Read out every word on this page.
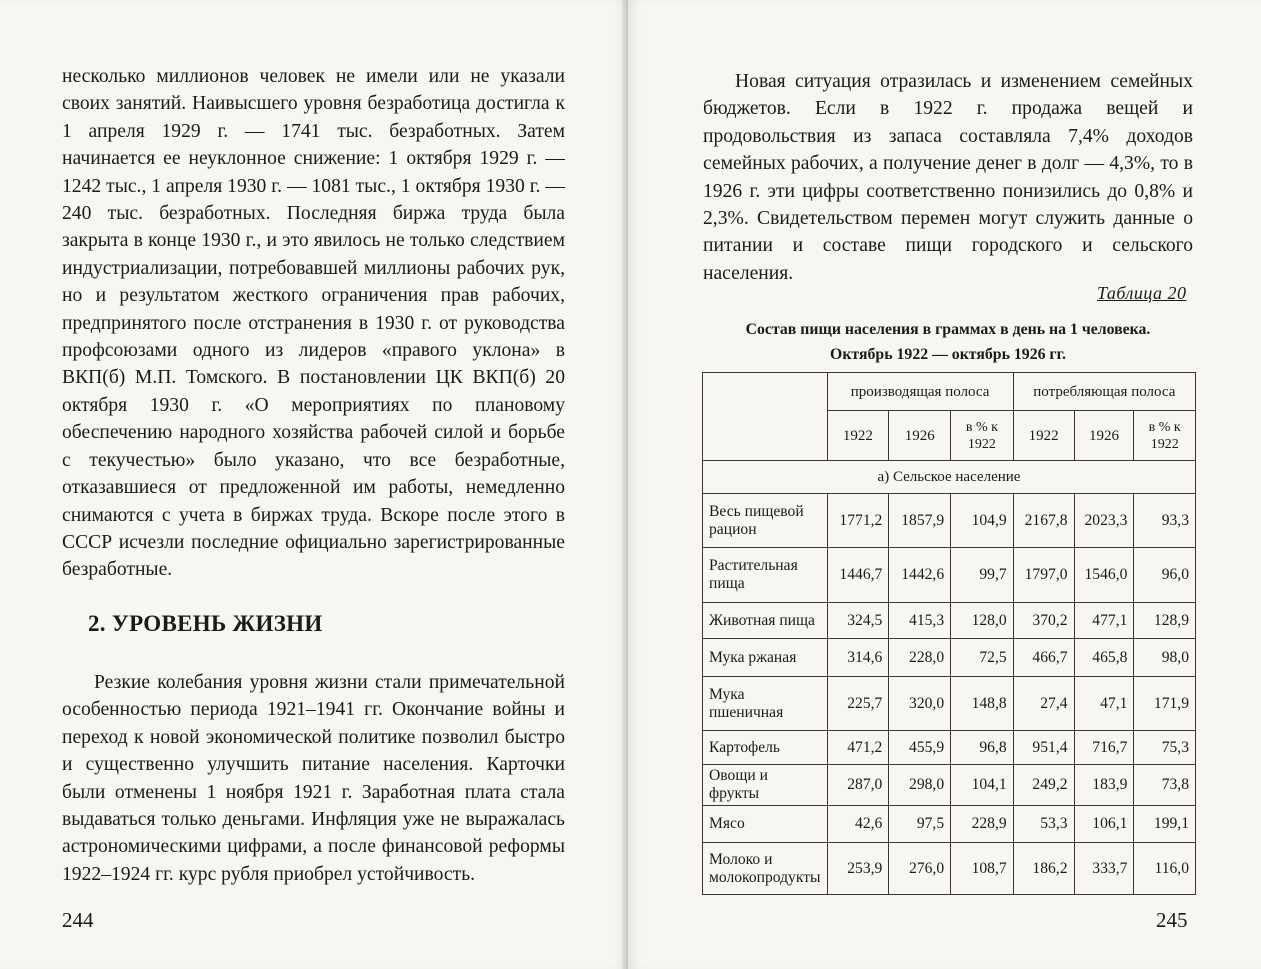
несколько миллионов человек не имели или не указали своих занятий. Наивысшего уровня безработица достигла к 1 апреля 1929 г. — 1741 тыс. безработных. Затем начинается ее неуклонное снижение: 1 октября 1929 г. — 1242 тыс., 1 апреля 1930 г. — 1081 тыс., 1 октября 1930 г. —240 тыс. безработных. Последняя биржа труда была закрыта в конце 1930 г., и это явилось не только следствием индустриализации, потребовавшей миллионы рабочих рук, но и результатом жесткого ограничения прав рабочих, предпринятого после отстранения в 1930 г. от руководства профсоюзами одного из лидеров «правого уклона» в ВКП(б) М.П. Томского. В постановлении ЦК ВКП(б) 20 октября 1930 г. «О мероприятиях по плановому обеспечению народного хозяйства рабочей силой и борьбе с текучестью» было указано, что все безработные, отказавшиеся от предложенной им работы, немедленно снимаются с учета в биржах труда. Вскоре после этого в СССР исчезли последние официально зарегистрированные безработные.

2. УРОВЕНЬ ЖИЗНИ

Резкие колебания уровня жизни стали примечательной особенностью периода 1921–1941 гг. Окончание войны и переход к новой экономической политике позволил быстро и существенно улучшить питание населения. Карточки были отменены 1 ноября 1921 г. Заработная плата стала выдаваться только деньгами. Инфляция уже не выражалась астрономическими цифрами, а после финансовой реформы 1922–1924 гг. курс рубля приобрел устойчивость.

244

Новая ситуация отразилась и изменением семейных бюджетов. Если в 1922 г. продажа вещей и продовольствия из запаса составляла 7,4% доходов семейных рабочих, а получение денег в долг — 4,3%, то в 1926 г. эти цифры соответственно понизились до 0,8% и 2,3%. Свидетельством перемен могут служить данные о питании и составе пищи городского и сельского населения.

Таблица 20
Состав пищи населения в граммах в день на 1 человека.
Октябрь 1922 — октябрь 1926 гг.
	производящая полоса			потребляющая полоса		
	1922	1926	в % к 1922	1922	1926	в % к 1922
а) Сельское население						
Весь пищевой рацион	1771,2	1857,9	104,9	2167,8	2023,3	93,3
Растительная пища	1446,7	1442,6	99,7	1797,0	1546,0	96,0
Животная пища	324,5	415,3	128,0	370,2	477,1	128,9
Мука ржаная	314,6	228,0	72,5	466,7	465,8	98,0
Мука пшеничная	225,7	320,0	148,8	27,4	47,1	171,9
Картофель	471,2	455,9	96,8	951,4	716,7	75,3
Овощи и фрукты	287,0	298,0	104,1	249,2	183,9	73,8
Мясо	42,6	97,5	228,9	53,3	106,1	199,1
Молоко и молокопродукты	253,9	276,0	108,7	186,2	333,7	116,0
245
